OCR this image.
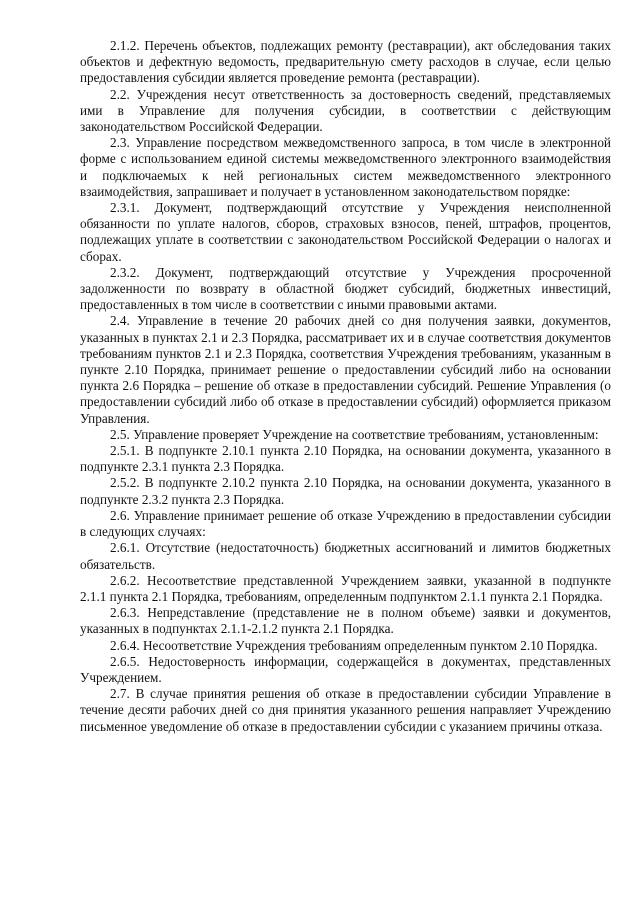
2.1.2. Перечень объектов, подлежащих ремонту (реставрации), акт обследования таких объектов и дефектную ведомость, предварительную смету расходов в случае, если целью предоставления субсидии является проведение ремонта (реставрации).

2.2. Учреждения несут ответственность за достоверность сведений, представляемых ими в Управление для получения субсидии, в соответствии с действующим законодательством Российской Федерации.

2.3. Управление посредством межведомственного запроса, в том числе в электронной форме с использованием единой системы межведомственного электронного взаимодействия и подключаемых к ней региональных систем межведомственного электронного взаимодействия, запрашивает и получает в установленном законодательством порядке:

2.3.1. Документ, подтверждающий отсутствие у Учреждения неисполненной обязанности по уплате налогов, сборов, страховых взносов, пеней, штрафов, процентов, подлежащих уплате в соответствии с законодательством Российской Федерации о налогах и сборах.

2.3.2. Документ, подтверждающий отсутствие у Учреждения просроченной задолженности по возврату в областной бюджет субсидий, бюджетных инвестиций, предоставленных в том числе в соответствии с иными правовыми актами.

2.4. Управление в течение 20 рабочих дней со дня получения заявки, документов, указанных в пунктах 2.1 и 2.3 Порядка, рассматривает их и в случае соответствия документов требованиям пунктов 2.1 и 2.3 Порядка, соответствия Учреждения требованиям, указанным в пункте 2.10 Порядка, принимает решение о предоставлении субсидий либо на основании пункта 2.6 Порядка – решение об отказе в предоставлении субсидий. Решение Управления (о предоставлении субсидий либо об отказе в предоставлении субсидий) оформляется приказом Управления.

2.5. Управление проверяет Учреждение на соответствие требованиям, установленным:

2.5.1. В подпункте 2.10.1 пункта 2.10 Порядка, на основании документа, указанного в подпункте 2.3.1 пункта 2.3 Порядка.

2.5.2. В подпункте 2.10.2 пункта 2.10 Порядка, на основании документа, указанного в подпункте 2.3.2 пункта 2.3 Порядка.

2.6. Управление принимает решение об отказе Учреждению в предоставлении субсидии в следующих случаях:

2.6.1. Отсутствие (недостаточность) бюджетных ассигнований и лимитов бюджетных обязательств.

2.6.2. Несоответствие представленной Учреждением заявки, указанной в подпункте 2.1.1 пункта 2.1 Порядка, требованиям, определенным подпунктом 2.1.1 пункта 2.1 Порядка.

2.6.3. Непредставление (представление не в полном объеме) заявки и документов, указанных в подпунктах 2.1.1-2.1.2 пункта 2.1 Порядка.

2.6.4. Несоответствие Учреждения требованиям определенным пунктом 2.10 Порядка.

2.6.5. Недостоверность информации, содержащейся в документах, представленных Учреждением.

2.7. В случае принятия решения об отказе в предоставлении субсидии Управление в течение десяти рабочих дней со дня принятия указанного решения направляет Учреждению письменное уведомление об отказе в предоставлении субсидии с указанием причины отказа.
